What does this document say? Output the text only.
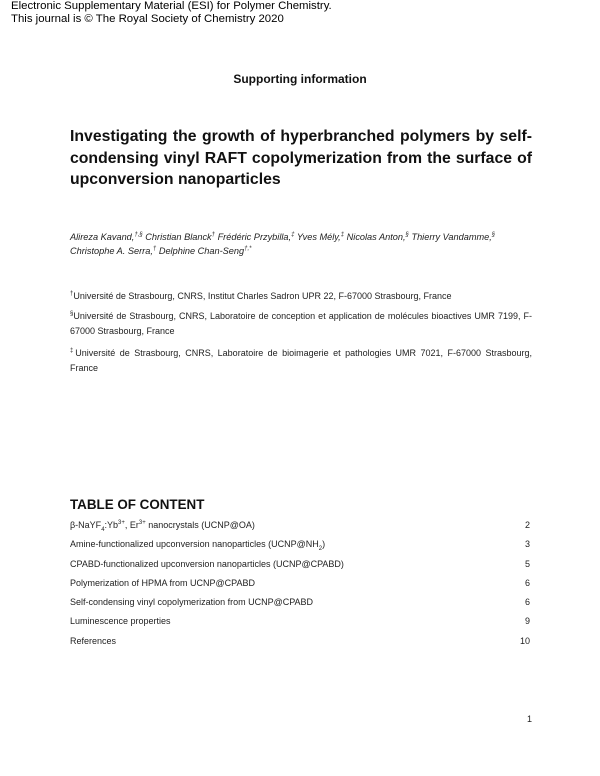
Electronic Supplementary Material (ESI) for Polymer Chemistry.
This journal is © The Royal Society of Chemistry 2020
Supporting information
Investigating the growth of hyperbranched polymers by self-condensing vinyl RAFT copolymerization from the surface of upconversion nanoparticles
Alireza Kavand,†,§ Christian Blanck† Frédéric Przybilla,‡ Yves Mély,‡ Nicolas Anton,§ Thierry Vandamme,§
Christophe A. Serra,† Delphine Chan-Seng†,*
†Université de Strasbourg, CNRS, Institut Charles Sadron UPR 22, F-67000 Strasbourg, France
§Université de Strasbourg, CNRS, Laboratoire de conception et application de molécules bioactives UMR 7199, F-67000 Strasbourg, France
‡Université de Strasbourg, CNRS, Laboratoire de bioimagerie et pathologies UMR 7021, F-67000 Strasbourg, France
TABLE OF CONTENT
$\beta-NaYF_4:Yb^{3+}$, $Er^{3+}$ nanocrystals (UCNP@OA)	2
Amine-functionalized upconversion nanoparticles $(UCNP@NH_2)$	3
CPABD-functionalized upconversion nanoparticles (UCNP@CPABD)	5
Polymerization of HPMA from UCNP@CPABD	6
Self-condensing vinyl copolymerization from UCNP@CPABD	6
Luminescence properties	9
References	10
1
